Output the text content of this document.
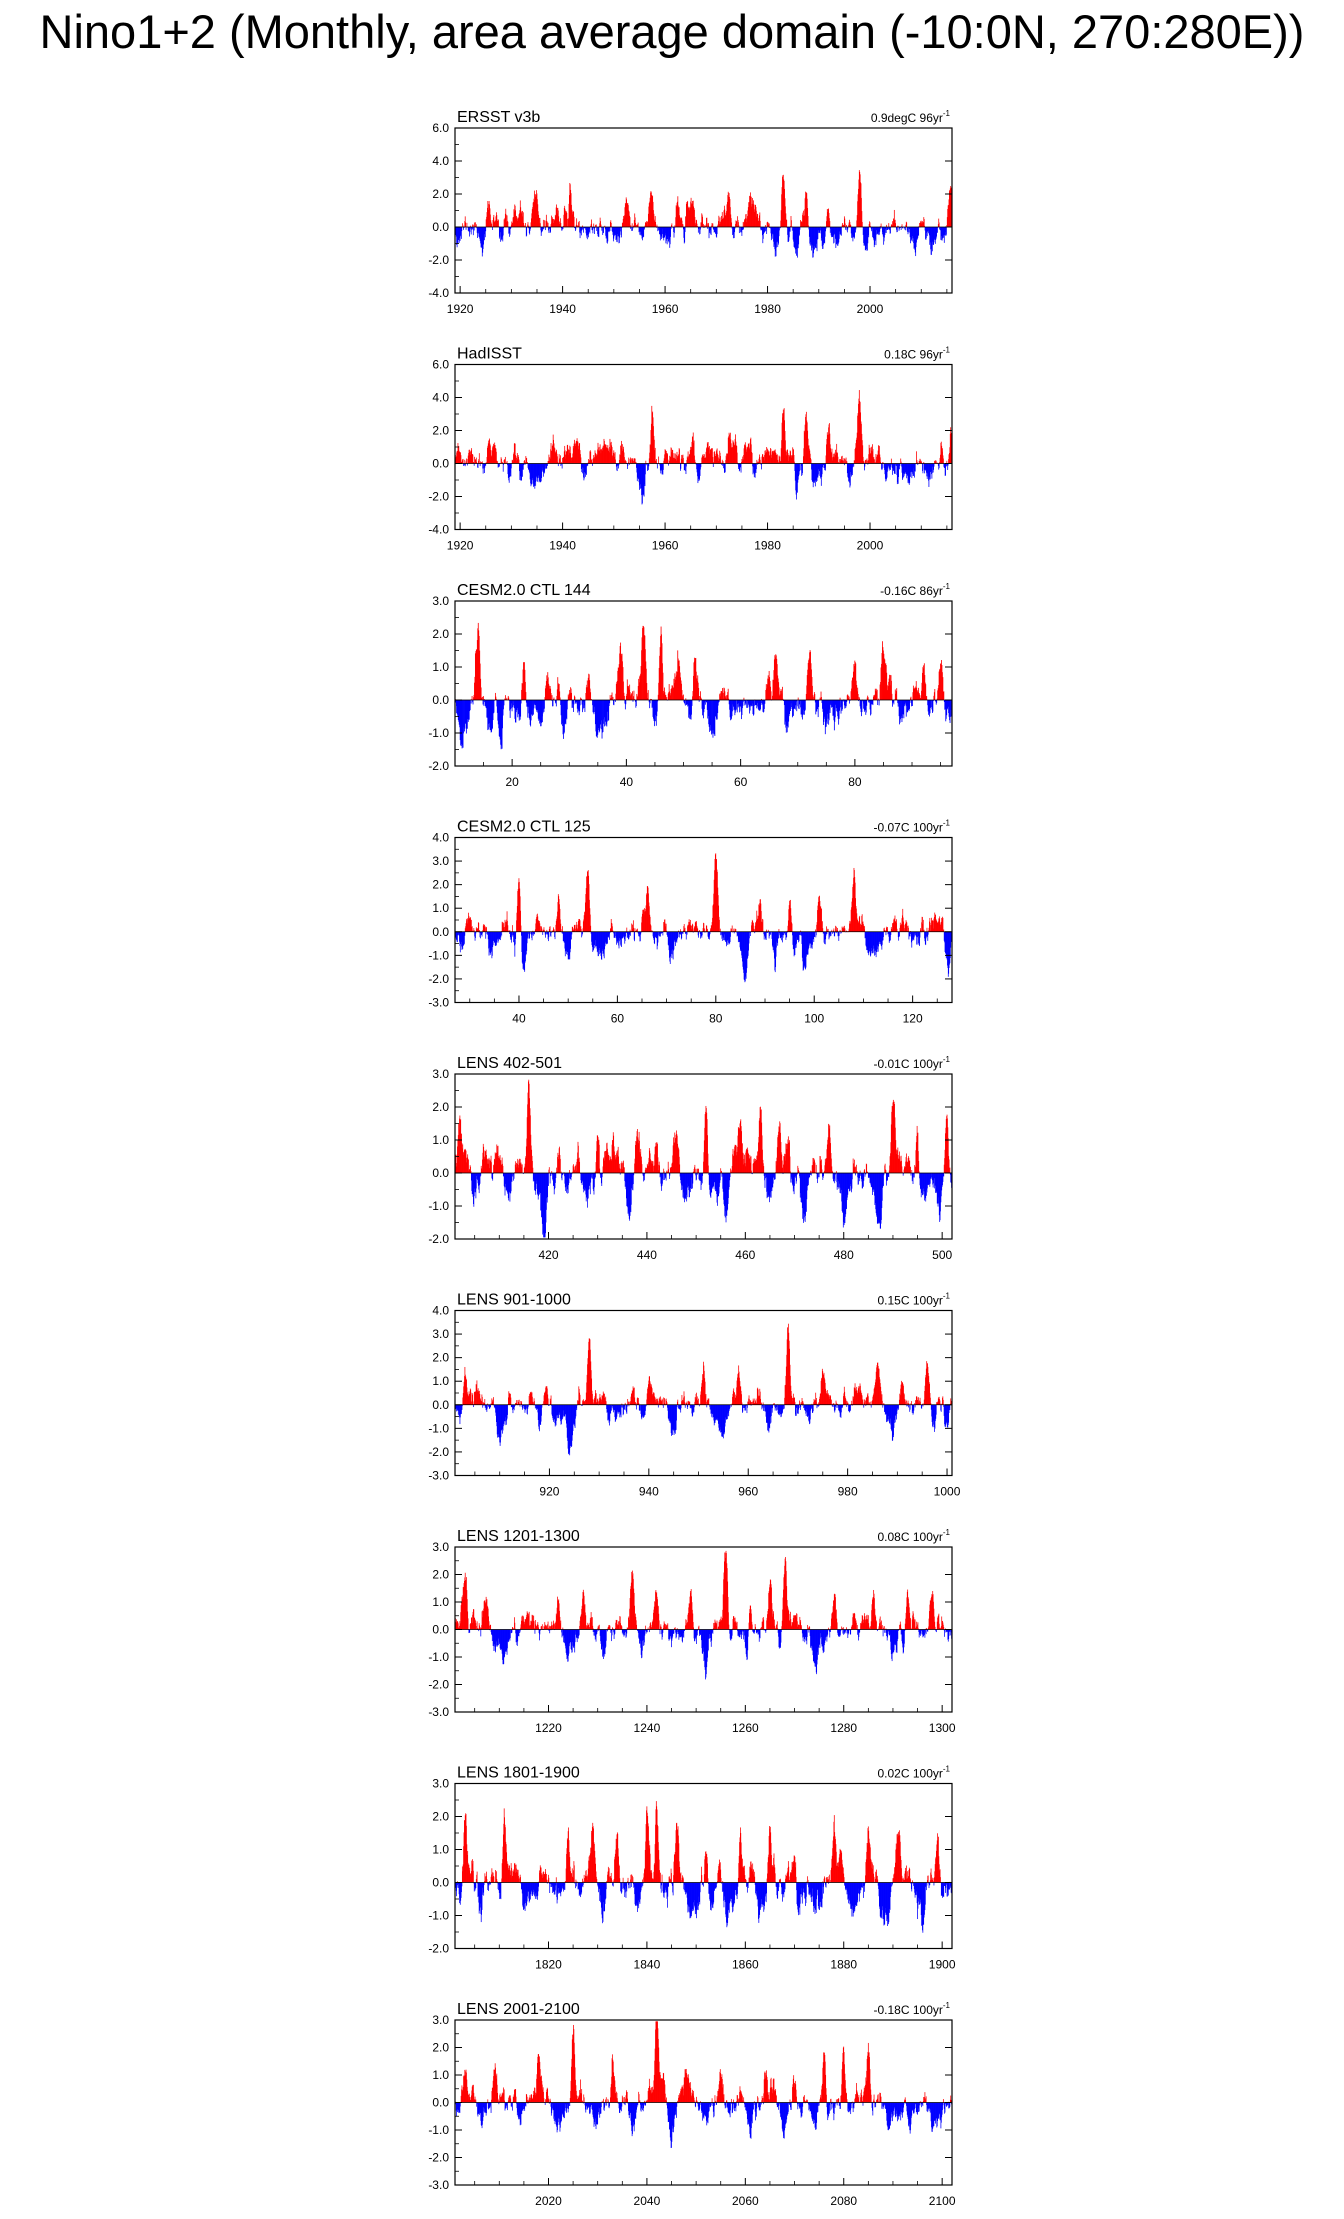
Nino1+2 (Monthly, area average domain (-10:0N, 270:280E))
-4.0
-2.0
0.0
2.0
4.0
6.0
1920	1940	1960	1980	2000
ERSST v3b	0.9degC $96yr^{-1}$
-4.0
-2.0
0.0
2.0
4.0
6.0
1920	1940	1960	1980	2000
HadISST	0.18C $96yr^{-1}$
-2.0
-1.0
0.0
1.0
2.0
3.0
20	40	60	80
CESM2.0 CTL 144	-0.16C $86yr^{-1}$
-3.0
-2.0
-1.0
0.0
1.0
2.0
3.0
4.0
40	60	80	100	120
CESM2.0 CTL 125	-0.07C $100yr^{-1}$
-2.0
-1.0
0.0
1.0
2.0
3.0
420	440	460	480	500
LENS 402-501	-0.01C $100yr^{-1}$
-3.0
-2.0
-1.0
0.0
1.0
2.0
3.0
4.0
920	940	960	980	1000
LENS 901-1000	0.15C $100yr^{-1}$
-3.0
-2.0
-1.0
0.0
1.0
2.0
3.0
1220	1240	1260	1280	1300
LENS 1201-1300	0.08C $100yr^{-1}$
-2.0
-1.0
0.0
1.0
2.0
3.0
1820	1840	1860	1880	1900
LENS 1801-1900	0.02C $100yr^{-1}$
-3.0
-2.0
-1.0
0.0
1.0
2.0
3.0
2020	2040	2060	2080	2100
LENS 2001-2100	-0.18C $100yr^{-1}$
